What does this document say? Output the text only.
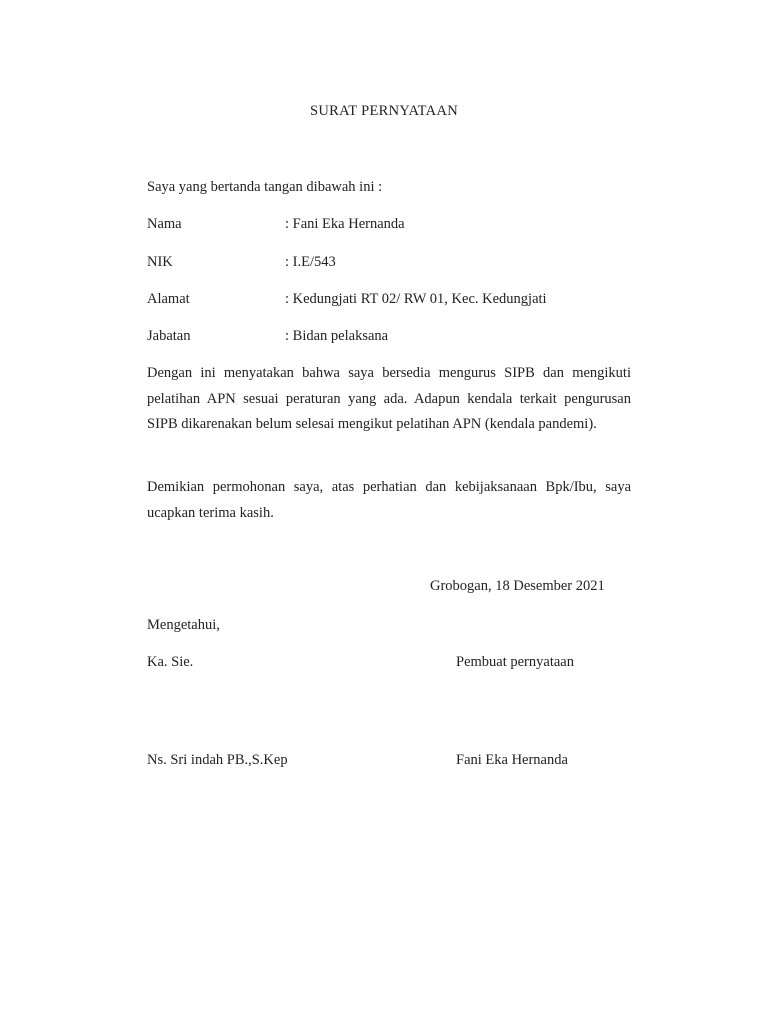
SURAT PERNYATAAN
Saya yang bertanda tangan dibawah ini :
Nama	: Fani Eka Hernanda
NIK	: I.E/543
Alamat	: Kedungjati RT 02/ RW 01, Kec. Kedungjati
Jabatan	: Bidan pelaksana

Dengan ini menyatakan bahwa saya bersedia mengurus SIPB dan mengikuti pelatihan APN sesuai peraturan yang ada. Adapun kendala terkait pengurusan SIPB dikarenakan belum selesai mengikut pelatihan APN (kendala pandemi).

Demikian permohonan saya, atas perhatian dan kebijaksanaan Bpk/Ibu, saya ucapkan terima kasih.

Grobogan, 18 Desember 2021
Mengetahui,
Ka. Sie.	Pembuat pernyataan
Ns. Sri indah PB.,S.Kep	Fani Eka Hernanda
